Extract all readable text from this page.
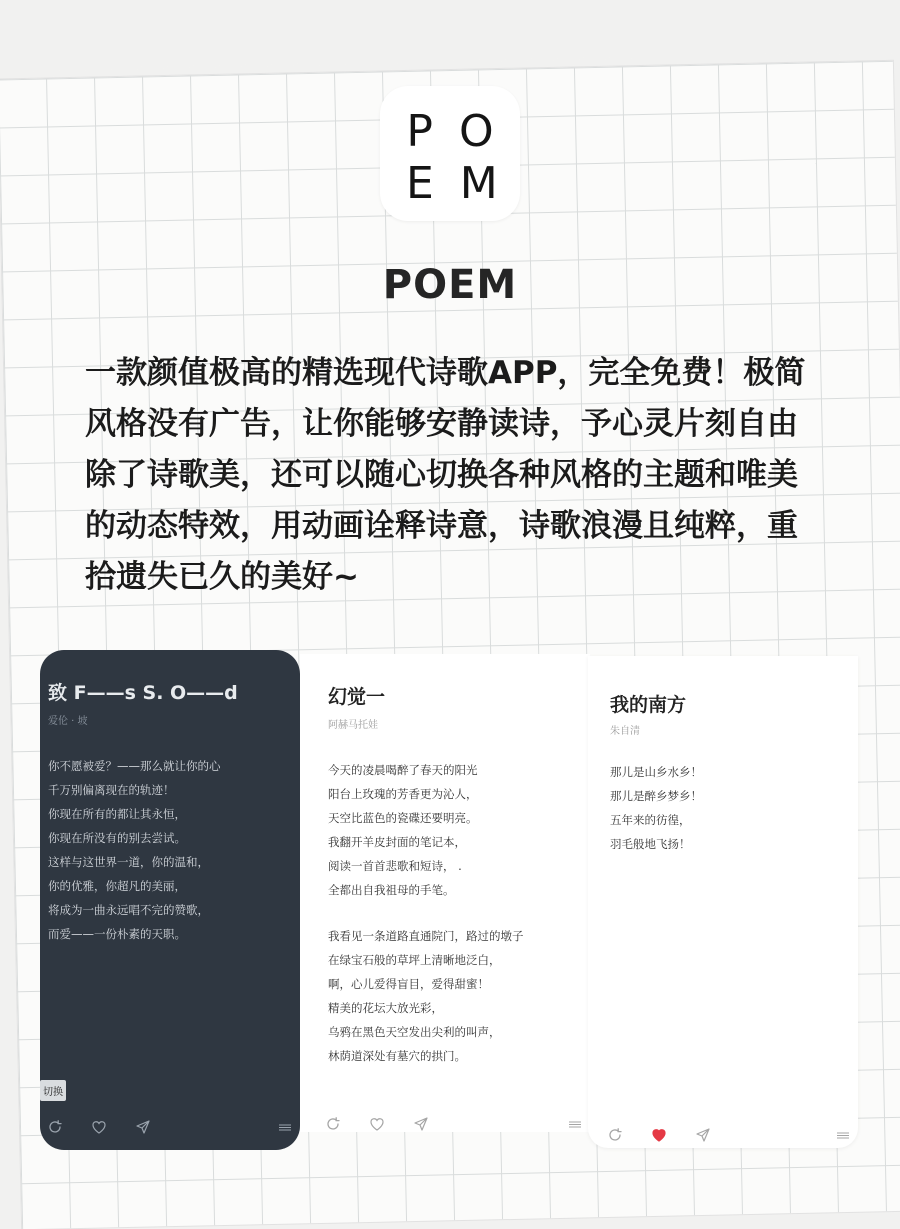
PO
EM
POEM
一款颜值极高的精选现代诗歌APP，完全免费！极简风格没有广告，让你能够安静读诗，予心灵片刻自由除了诗歌美，还可以随心切换各种风格的主题和唯美的动态特效，用动画诠释诗意，诗歌浪漫且纯粹，重拾遗失已久的美好~
致 F——s S. O——d
爱伦 · 坡
你不愿被爱？——那么就让你的心
千万别偏离现在的轨迹！
你现在所有的都让其永恒，
你现在所没有的别去尝试。
这样与这世界一道，你的温和，
你的优雅，你超凡的美丽，
将成为一曲永远唱不完的赞歌，
而爱——一份朴素的天职。
切换
幻觉一
阿赫马托娃
今天的凌晨喝醉了春天的阳光
阳台上玫瑰的芳香更为沁人，
天空比蓝色的瓷碟还要明亮。
我翻开羊皮封面的笔记本，
阅读一首首悲歌和短诗， .
全都出自我祖母的手笔。
我看见一条道路直通院门，路过的墩子
在绿宝石般的草坪上清晰地泛白，
啊，心儿爱得盲目，爱得甜蜜！
精美的花坛大放光彩，
乌鸦在黑色天空发出尖利的叫声，
林荫道深处有墓穴的拱门。
我的南方
朱自清
那儿是山乡水乡！
那儿是醉乡梦乡！
五年来的彷徨，
羽毛般地飞扬！
